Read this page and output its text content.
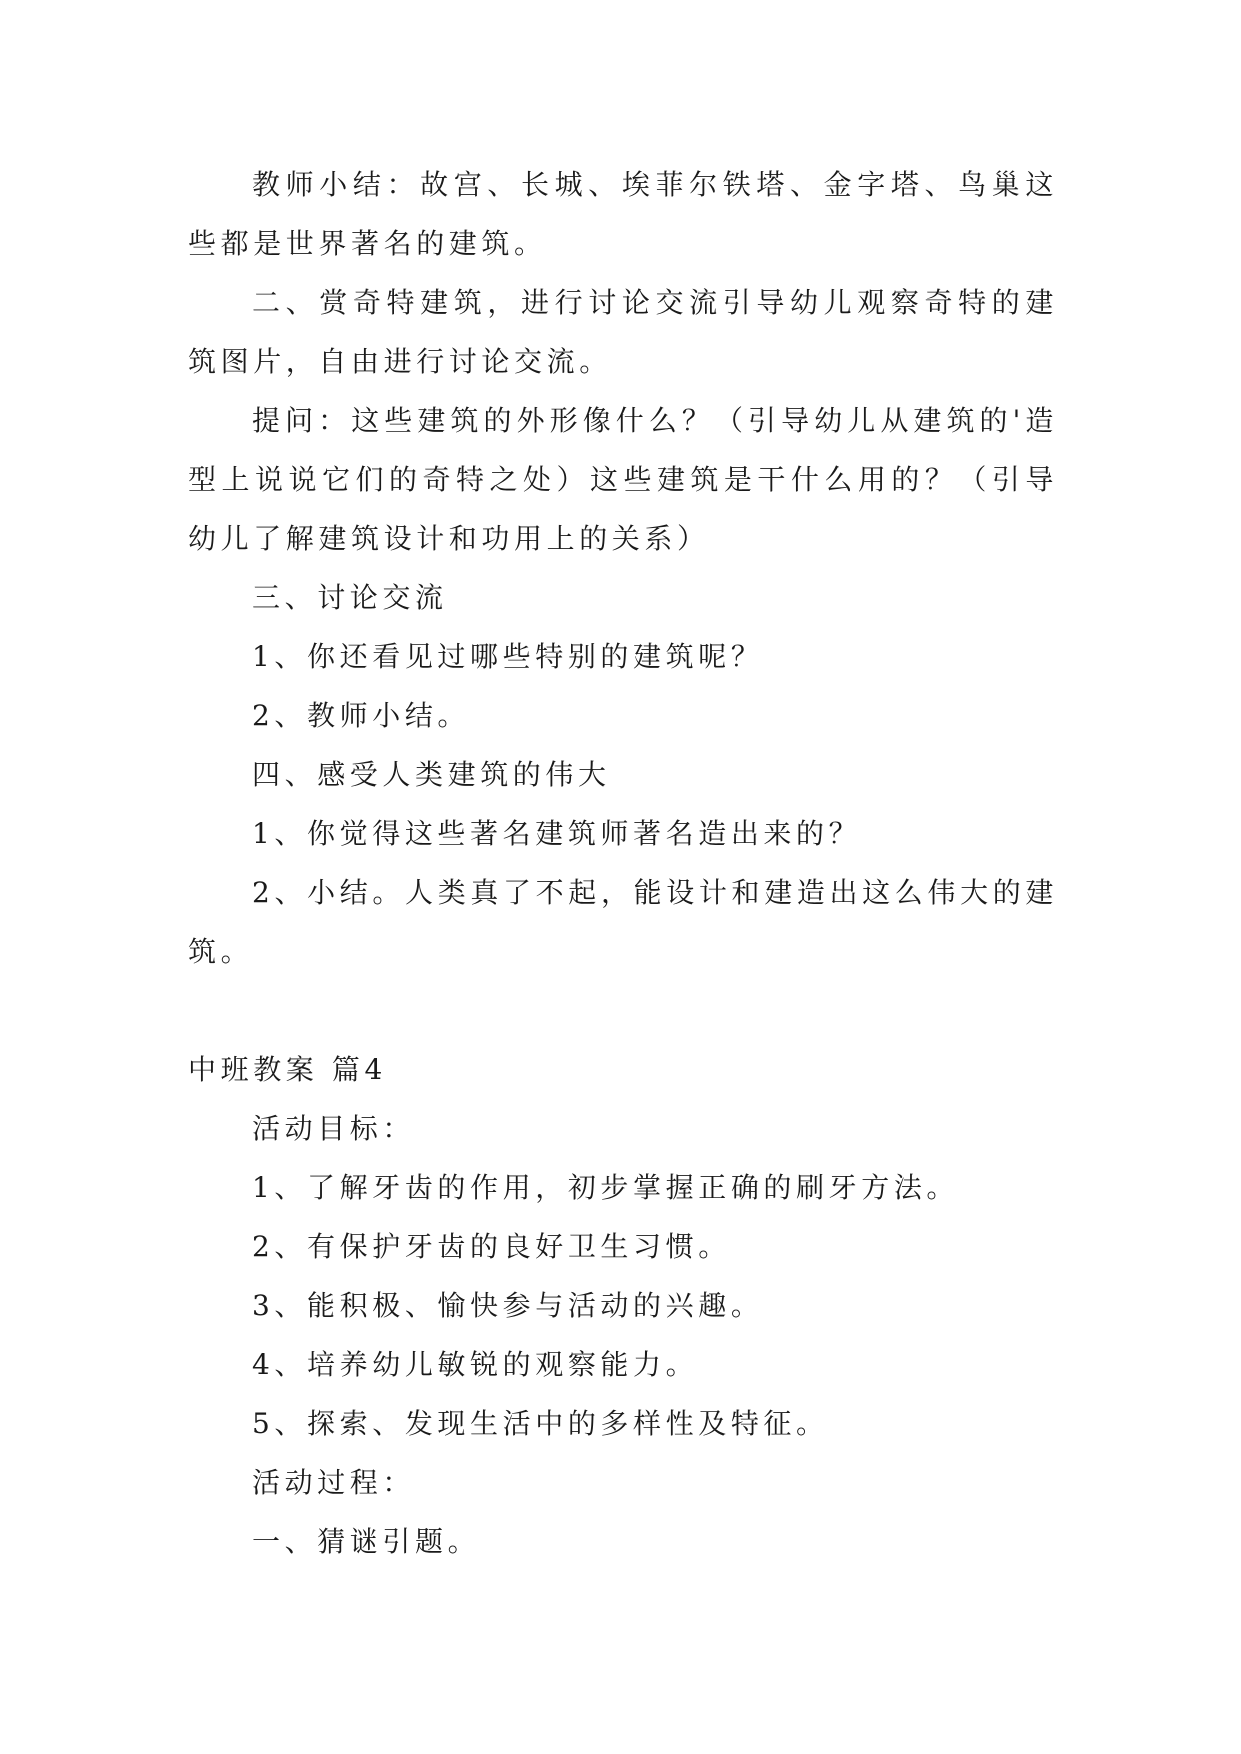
教师小结：故宫、长城、埃菲尔铁塔、金字塔、鸟巢这些都是世界著名的建筑。

二、赏奇特建筑，进行讨论交流引导幼儿观察奇特的建筑图片，自由进行讨论交流。

提问：这些建筑的外形像什么？（引导幼儿从建筑的'造型上说说它们的奇特之处）这些建筑是干什么用的？（引导幼儿了解建筑设计和功用上的关系）

三、讨论交流

1、你还看见过哪些特别的建筑呢？

2、教师小结。

四、感受人类建筑的伟大

1、你觉得这些著名建筑师著名造出来的？

2、小结。人类真了不起，能设计和建造出这么伟大的建筑。

中班教案 篇4

活动目标：

1、了解牙齿的作用，初步掌握正确的刷牙方法。

2、有保护牙齿的良好卫生习惯。

3、能积极、愉快参与活动的兴趣。

4、培养幼儿敏锐的观察能力。

5、探索、发现生活中的多样性及特征。

活动过程：

一、猜谜引题。
